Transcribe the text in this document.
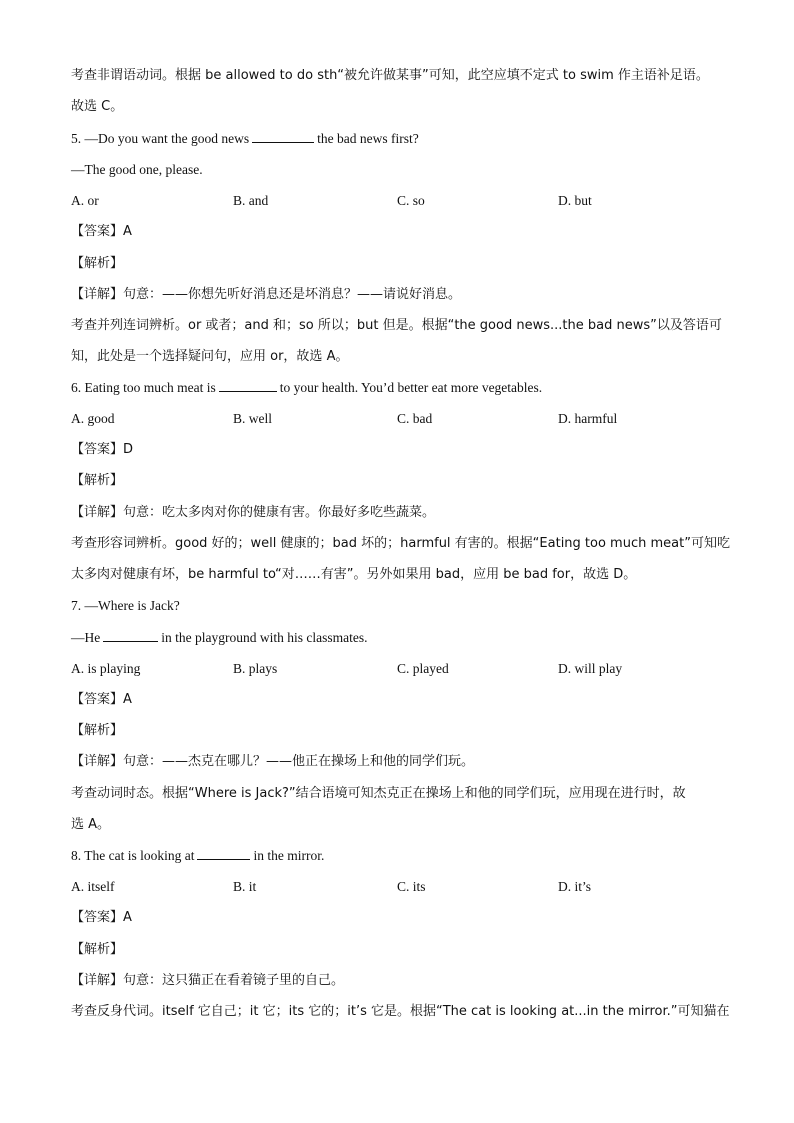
考查非谓语动词。根据 be allowed to do sth“被允许做某事”可知，此空应填不定式 to swim 作主语补足语。
故选 C。
5. —Do you want the good news	the bad news first?
—The good one, please.
A. or	B. and	C. so	D. but
【答案】A
【解析】
【详解】句意：——你想先听好消息还是坏消息？——请说好消息。
考查并列连词辨析。or 或者；and 和；so 所以；but 但是。根据“the good news...the bad news”以及答语可
知，此处是一个选择疑问句，应用 or，故选 A。
6. Eating too much meat is	to your health. You’d better eat more vegetables.
A. good	B. well	C. bad	D. harmful
【答案】D
【解析】
【详解】句意：吃太多肉对你的健康有害。你最好多吃些蔬菜。
考查形容词辨析。good 好的；well 健康的；bad 坏的；harmful 有害的。根据“Eating too much meat”可知吃
太多肉对健康有坏，be harmful to“对……有害”。另外如果用 bad，应用 be bad for，故选 D。
7. —Where is Jack?
—He	in the playground with his classmates.
A. is playing	B. plays	C. played	D. will play
【答案】A
【解析】
【详解】句意：——杰克在哪儿？——他正在操场上和他的同学们玩。
考查动词时态。根据“Where is Jack?”结合语境可知杰克正在操场上和他的同学们玩，应用现在进行时，故
选 A。
8. The cat is looking at	in the mirror.
A. itself	B. it	C. its	D. it’s
【答案】A
【解析】
【详解】句意：这只猫正在看着镜子里的自己。
考查反身代词。itself 它自己；it 它；its 它的；it’s 它是。根据“The cat is looking at...in the mirror.”可知猫在
